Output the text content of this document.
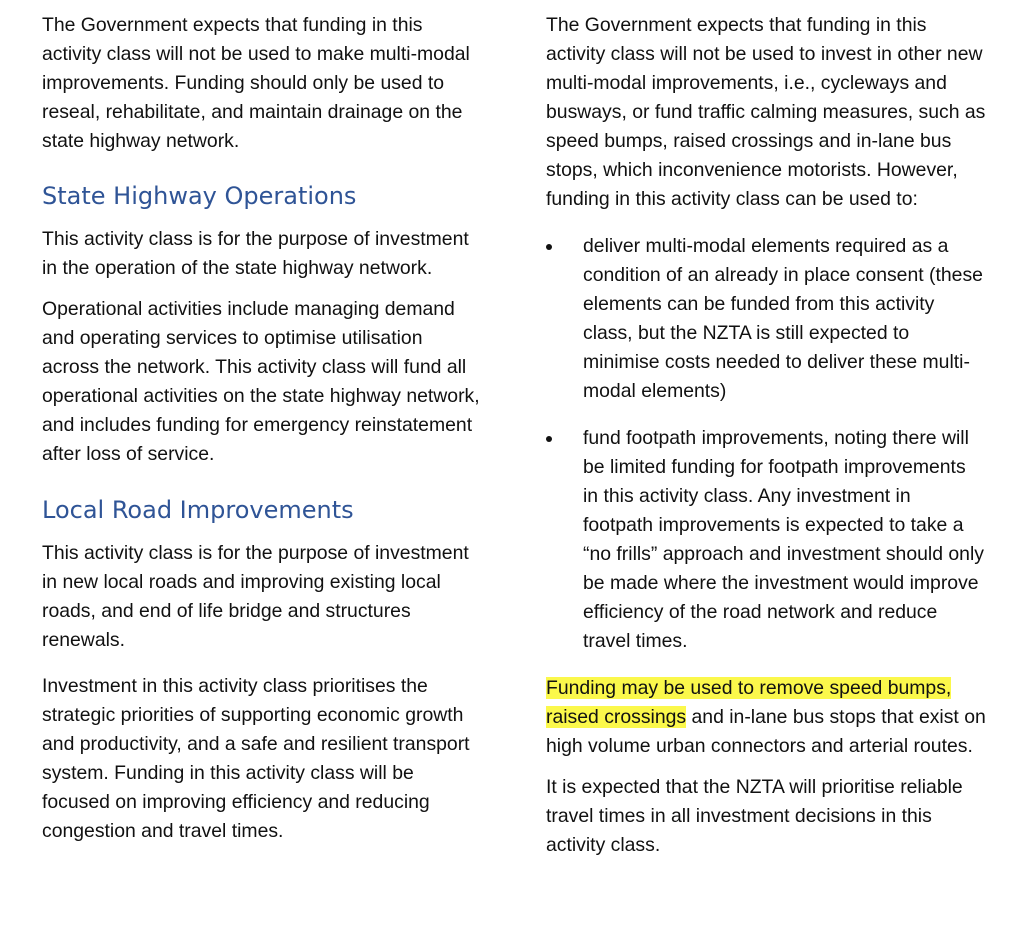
The Government expects that funding in this activity class will not be used to make multi-modal improvements. Funding should only be used to reseal, rehabilitate, and maintain drainage on the state highway network.

State Highway Operations

This activity class is for the purpose of investment in the operation of the state highway network.

Operational activities include managing demand and operating services to optimise utilisation across the network. This activity class will fund all operational activities on the state highway network, and includes funding for emergency reinstatement after loss of service.

Local Road Improvements

This activity class is for the purpose of investment in new local roads and improving existing local roads, and end of life bridge and structures renewals.

Investment in this activity class prioritises the strategic priorities of supporting economic growth and productivity, and a safe and resilient transport system. Funding in this activity class will be focused on improving efficiency and reducing congestion and travel times.

The Government expects that funding in this activity class will not be used to invest in other new multi-modal improvements, i.e., cycleways and busways, or fund traffic calming measures, such as speed bumps, raised crossings and in-lane bus stops, which inconvenience motorists. However, funding in this activity class can be used to:

deliver multi-modal elements required as a condition of an already in place consent (these elements can be funded from this activity class, but the NZTA is still expected to minimise costs needed to deliver these multi-modal elements)

fund footpath improvements, noting there will be limited funding for footpath improvements in this activity class. Any investment in footpath improvements is expected to take a “no frills” approach and investment should only be made where the investment would improve efficiency of the road network and reduce travel times.

Funding may be used to remove speed bumps, raised crossings and in-lane bus stops that exist on high volume urban connectors and arterial routes.

It is expected that the NZTA will prioritise reliable travel times in all investment decisions in this activity class.
